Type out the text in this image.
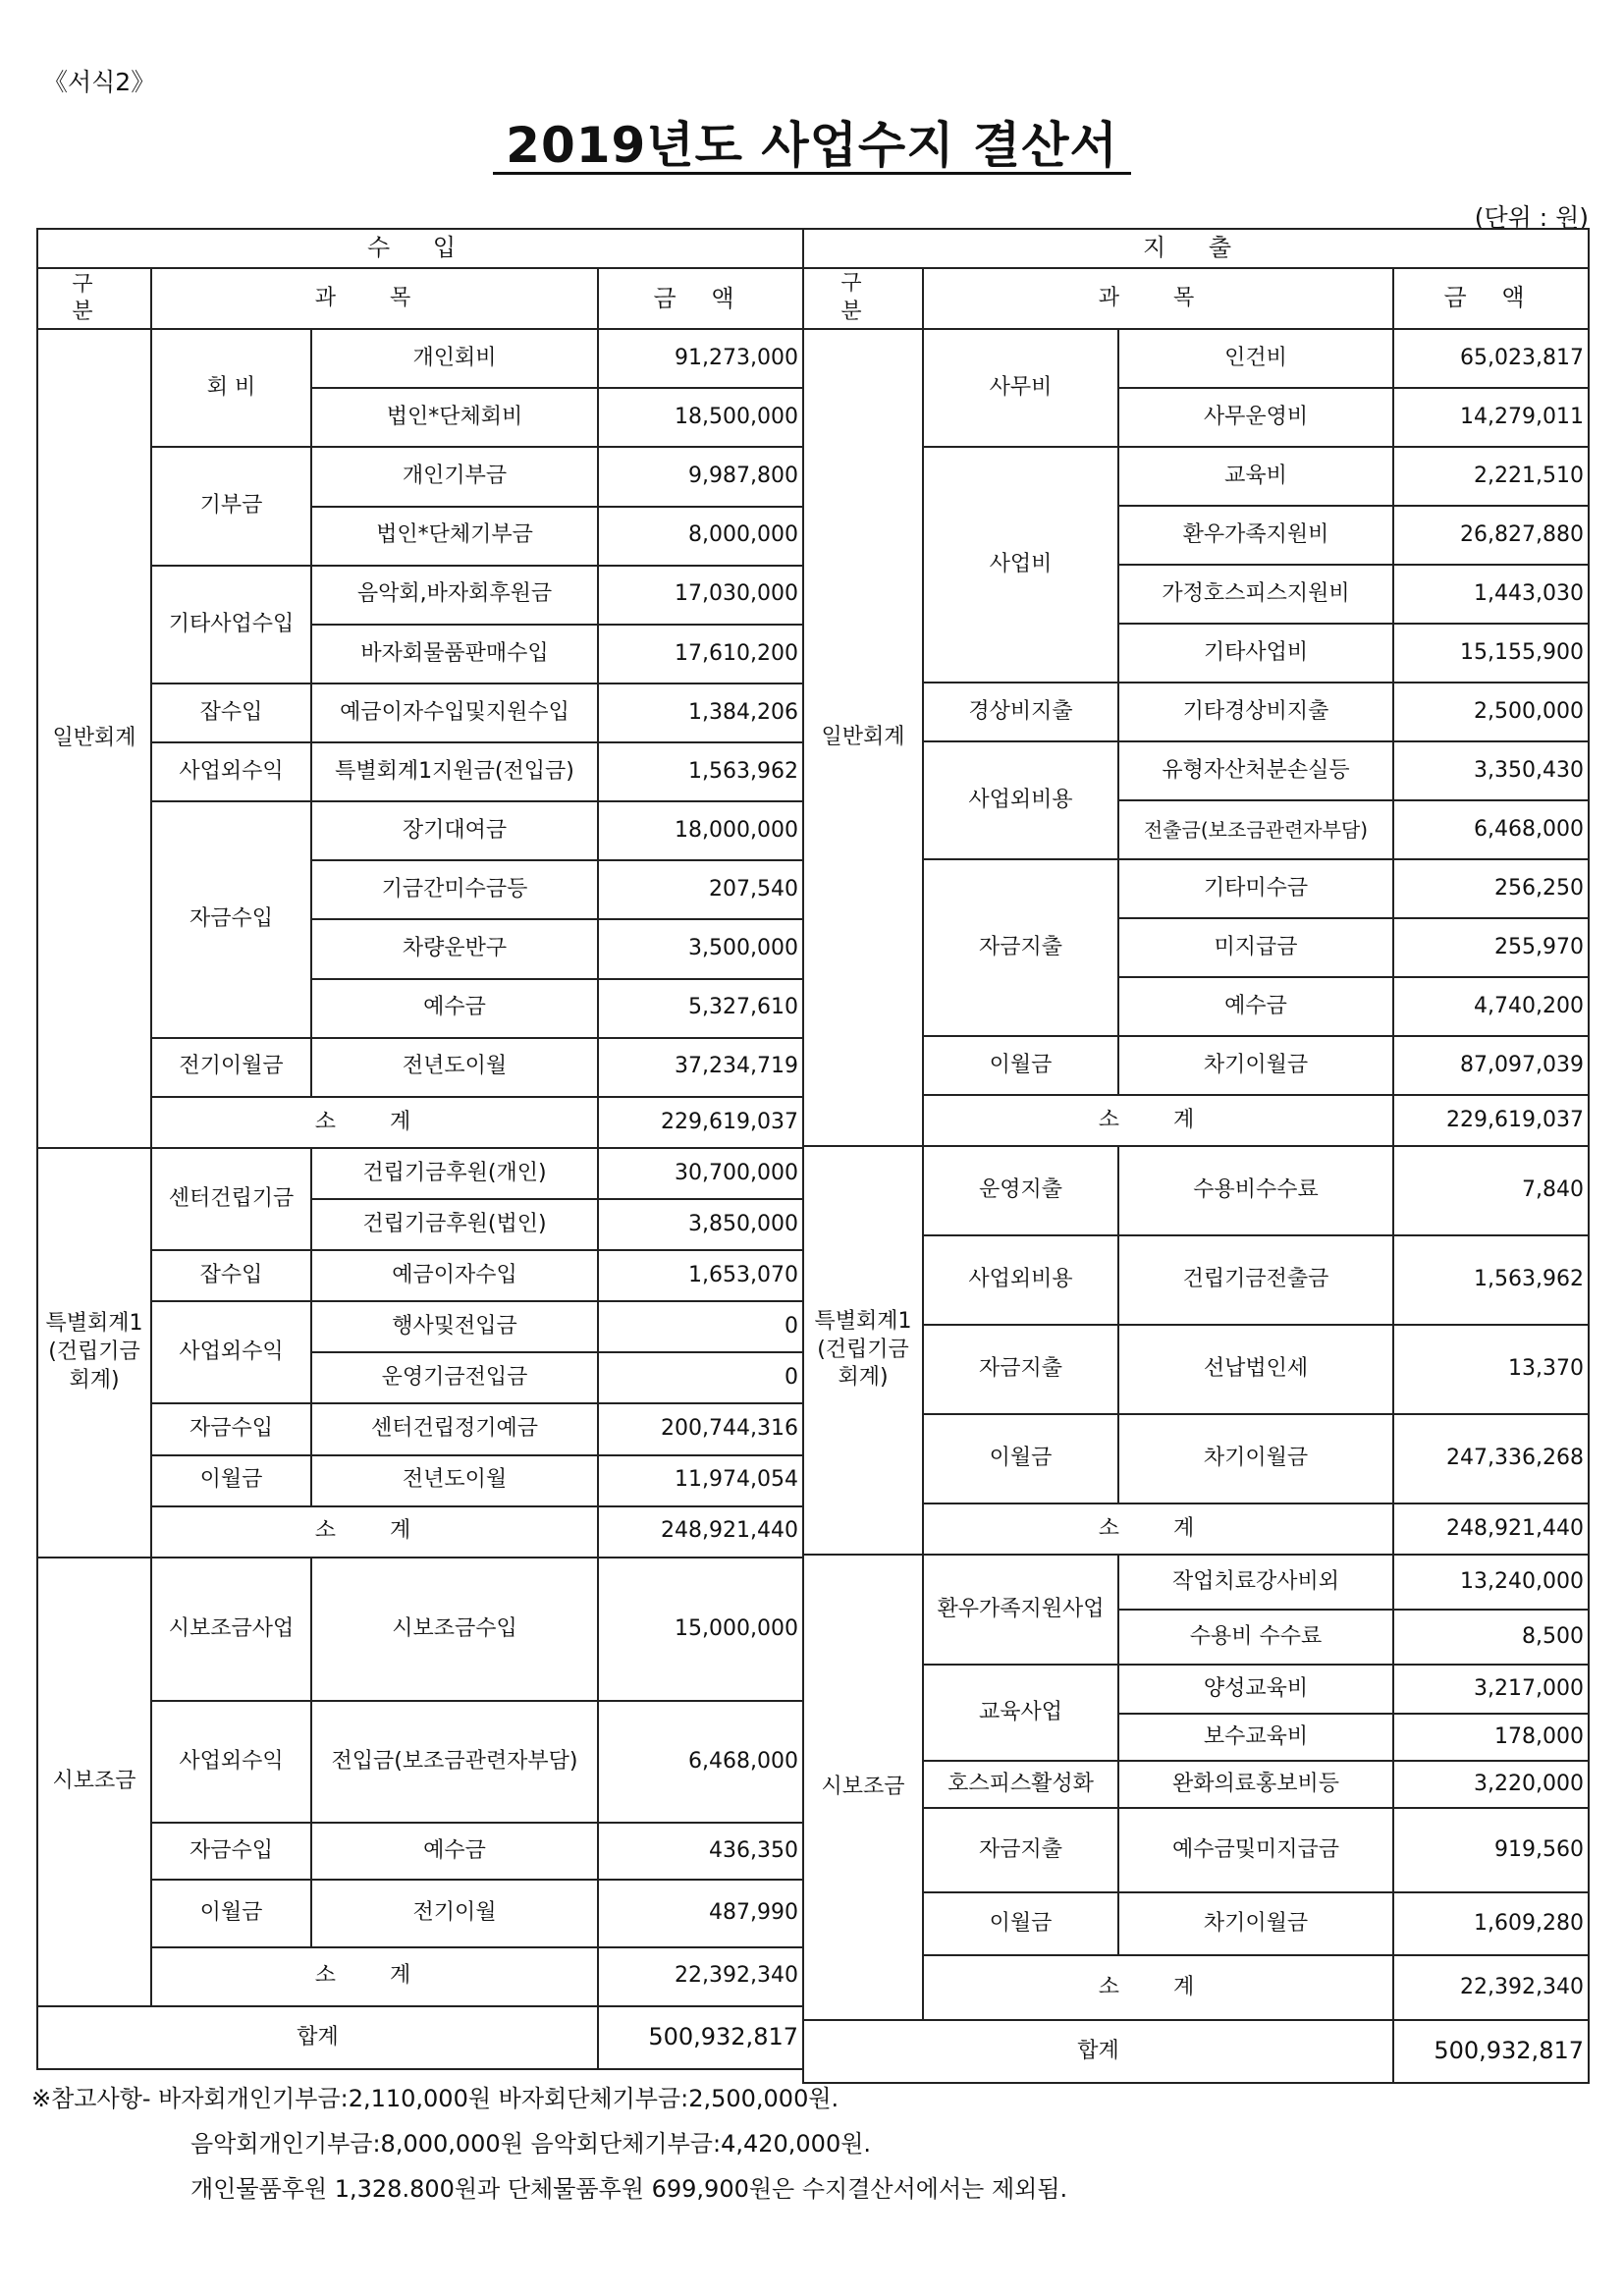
《서식2》
2019년도 사업수지 결산서
(단위 : 원)
수 입			
구 분	과 목		금 액
일반회계	회 비	개인회비	91,273,000
		법인*단체회비	18,500,000
	기부금	개인기부금	9,987,800
		법인*단체기부금	8,000,000
	기타사업수입	음악회,바자회후원금	17,030,000
		바자회물품판매수입	17,610,200
	잡수입	예금이자수입및지원수입	1,384,206
	사업외수익	특별회계1지원금(전입금)	1,563,962
	자금수입	장기대여금	18,000,000
		기금간미수금등	207,540
		차량운반구	3,500,000
		예수금	5,327,610
	전기이월금	전년도이월	37,234,719
	소 계		229,619,037
특별회계1
(건립기금
회계)	센터건립기금	건립기금후원(개인)	30,700,000
		건립기금후원(법인)	3,850,000
	잡수입	예금이자수입	1,653,070
	사업외수익	행사및전입금	0
		운영기금전입금	0
	자금수입	센터건립정기예금	200,744,316
	이월금	전년도이월	11,974,054
	소 계		248,921,440
시보조금	시보조금사업	시보조금수입	15,000,000
	사업외수익	전입금(보조금관련자부담)	6,468,000
	자금수입	예수금	436,350
	이월금	전기이월	487,990
	소 계		22,392,340
합계			500,932,817
지 출			
구 분	과 목		금 액
일반회계	사무비	인건비	65,023,817
		사무운영비	14,279,011
	사업비	교육비	2,221,510
		환우가족지원비	26,827,880
		가정호스피스지원비	1,443,030
		기타사업비	15,155,900
	경상비지출	기타경상비지출	2,500,000
	사업외비용	유형자산처분손실등	3,350,430
		전출금(보조금관련자부담)	6,468,000
	자금지출	기타미수금	256,250
		미지급금	255,970
		예수금	4,740,200
	이월금	차기이월금	87,097,039
	소 계		229,619,037
특별회계1
(건립기금
회계)	운영지출	수용비수수료	7,840
	사업외비용	건립기금전출금	1,563,962
	자금지출	선납법인세	13,370
	이월금	차기이월금	247,336,268
	소 계		248,921,440
시보조금	환우가족지원사업	작업치료강사비외	13,240,000
		수용비 수수료	8,500
	교육사업	양성교육비	3,217,000
		보수교육비	178,000
	호스피스활성화	완화의료홍보비등	3,220,000
	자금지출	예수금및미지급금	919,560
	이월금	차기이월금	1,609,280
	소 계		22,392,340
합계			500,932,817
※참고사항- 바자회개인기부금:2,110,000원 바자회단체기부금:2,500,000원.
음악회개인기부금:8,000,000원 음악회단체기부금:4,420,000원.
개인물품후원 1,328.800원과 단체물품후원 699,900원은 수지결산서에서는 제외됨.
